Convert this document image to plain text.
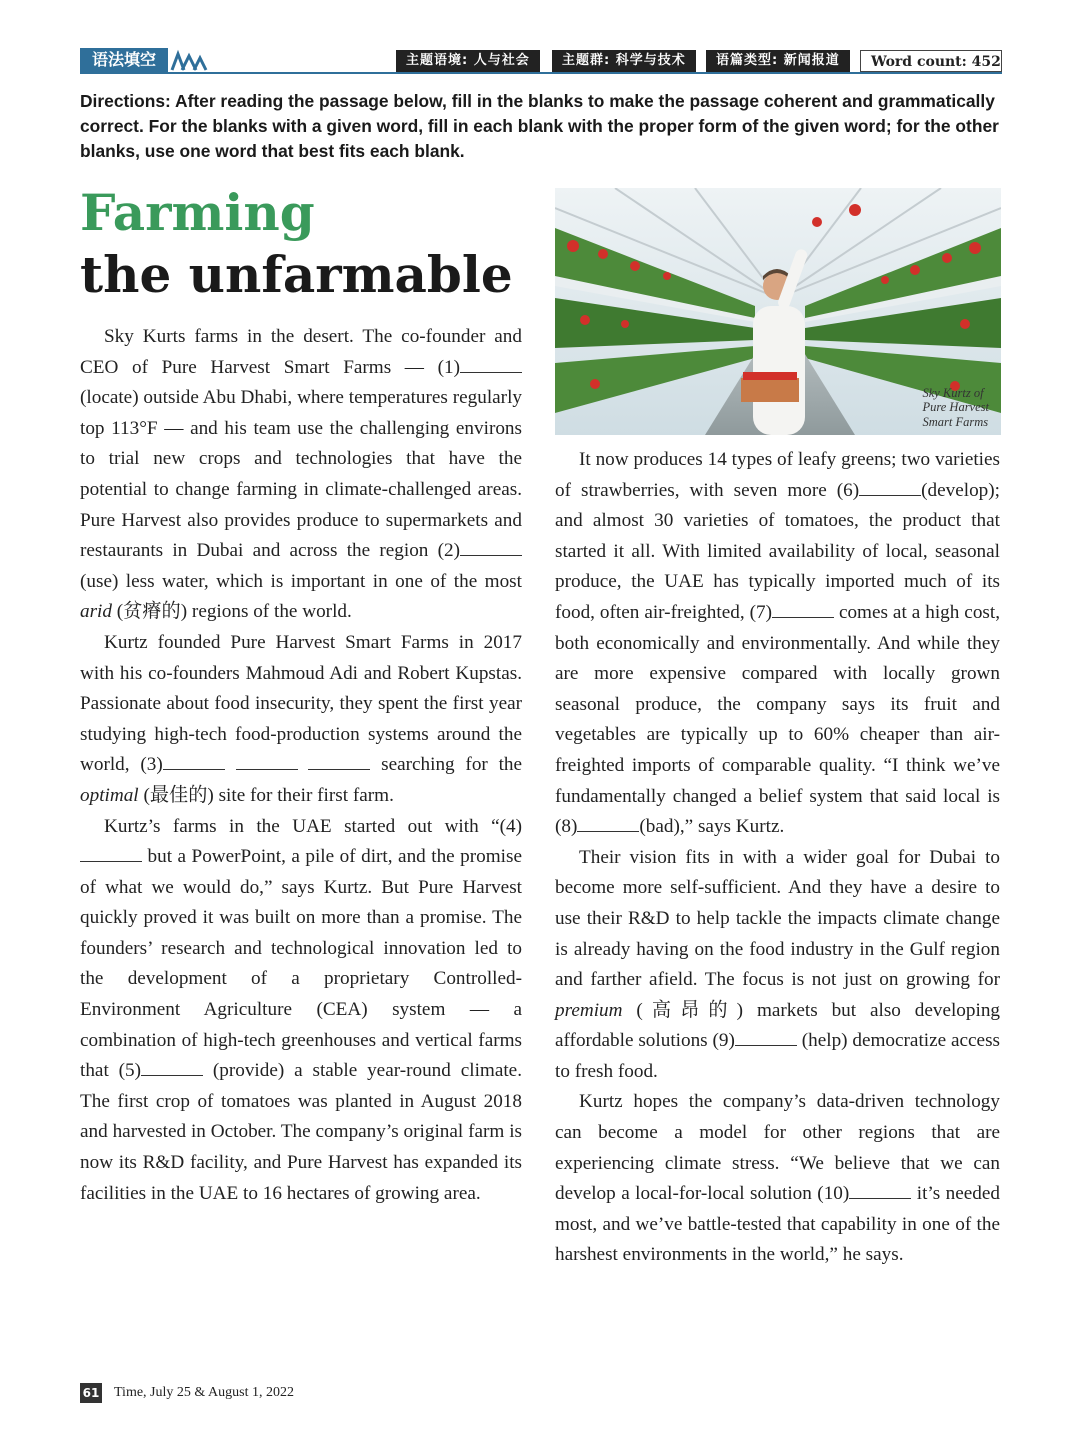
语法填空	主题语境: 人与社会	主题群: 科学与技术	语篇类型: 新闻报道	Word count: 452
Directions: After reading the passage below, fill in the blanks to make the passage coherent and grammatically correct. For the blanks with a given word, fill in each blank with the proper form of the given word; for the other blanks, use one word that best fits each blank.
Farming
the unfarmable

Sky Kurts farms in the desert. The co-founder and CEO of Pure Harvest Smart Farms — (1) (locate) outside Abu Dhabi, where temperatures regularly top 113°F — and his team use the challenging environs to trial new crops and technologies that have the potential to change farming in climate-challenged areas. Pure Harvest also provides produce to supermarkets and restaurants in Dubai and across the region (2)(use) less water, which is important in one of the most arid (贫瘠的) regions of the world.

Kurtz founded Pure Harvest Smart Farms in 2017 with his co-founders Mahmoud Adi and Robert Kupstas. Passionate about food insecurity, they spent the first year studying high-tech food-production systems around the world, (3)	searching for the optimal (最佳的) site for their first farm.

Kurtz’s farms in the UAE started out with “(4) but a PowerPoint, a pile of dirt, and the promise of what we would do,” says Kurtz. But Pure Harvest quickly proved it was built on more than a promise. The founders’ research and technological innovation led to the development of a proprietary Controlled- Environment Agriculture (CEA) system — a combination of high-tech greenhouses and vertical farms that (5)	(provide) a stable year-round climate. The first crop of tomatoes was planted in August 2018 and harvested in October. The company’s original farm is now its R&D facility, and Pure Harvest has expanded its facilities in the UAE to 16 hectares of growing area.

Sky Kurtz of
Pure Harvest
Smart Farms

It now produces 14 types of leafy greens; two varieties of strawberries, with seven more (6)	(develop); and almost 30 varieties of tomatoes, the product that started it all. With limited availability of local, seasonal produce, the UAE has typically imported much of its food, often air-freighted, (7)	comes at a high cost, both economically and environmentally. And while they are more expensive compared with locally grown seasonal produce, the company says its fruit and vegetables are typically up to 60% cheaper than air-freighted imports of comparable quality. “I think we’ve fundamentally changed a belief system that said local is (8)	(bad),” says Kurtz.

Their vision fits in with a wider goal for Dubai to become more self-sufficient. And they have a desire to use their R&D to help tackle the impacts climate change is already having on the food industry in the Gulf region and farther afield. The focus is not just on growing for premium (高昂的) markets but also developing affordable solutions (9)	(help) democratize access to fresh food.

Kurtz hopes the company’s data-driven technology can become a model for other regions that are experiencing climate stress. “We believe that we can develop a local-for-local solution (10)	it’s needed most, and we’ve battle-tested that capability in one of the harshest environments in the world,” he says.

61 Time, July 25 & August 1, 2022
